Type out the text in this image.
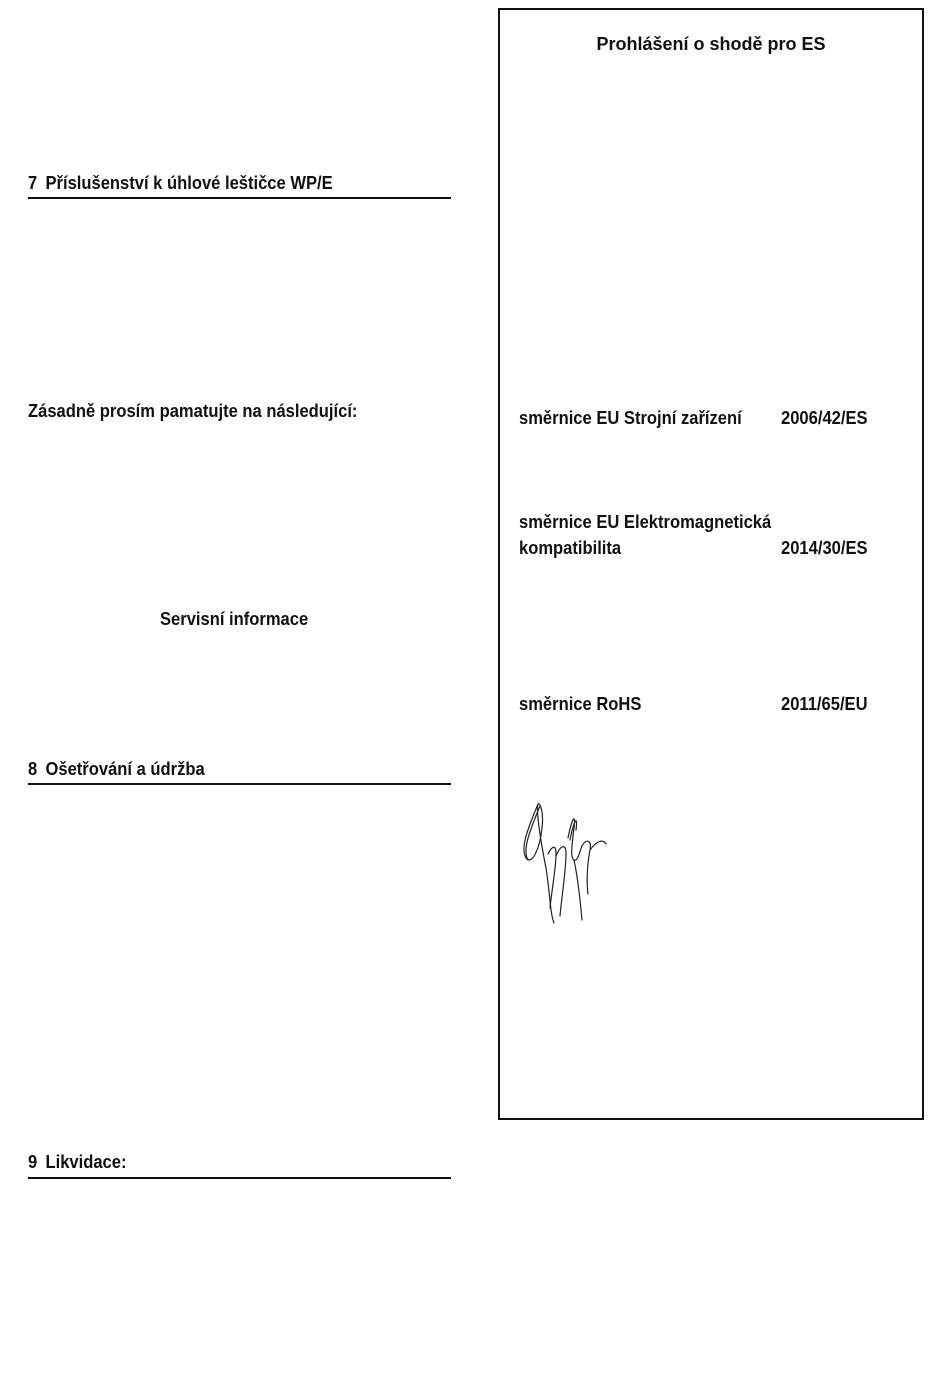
7 Příslušenství k úhlové leštičce WP/E
Zásadně prosím pamatujte na následující:
Servisní informace
8 Ošetřování a údržba
9 Likvidace:
Prohlášení o shodě pro ES
směrnice EU Strojní zařízení 2006/42/ES
směrnice EU Elektromagnetická
kompatibilita	2014/30/ES
směrnice RoHS	2011/65/EU
